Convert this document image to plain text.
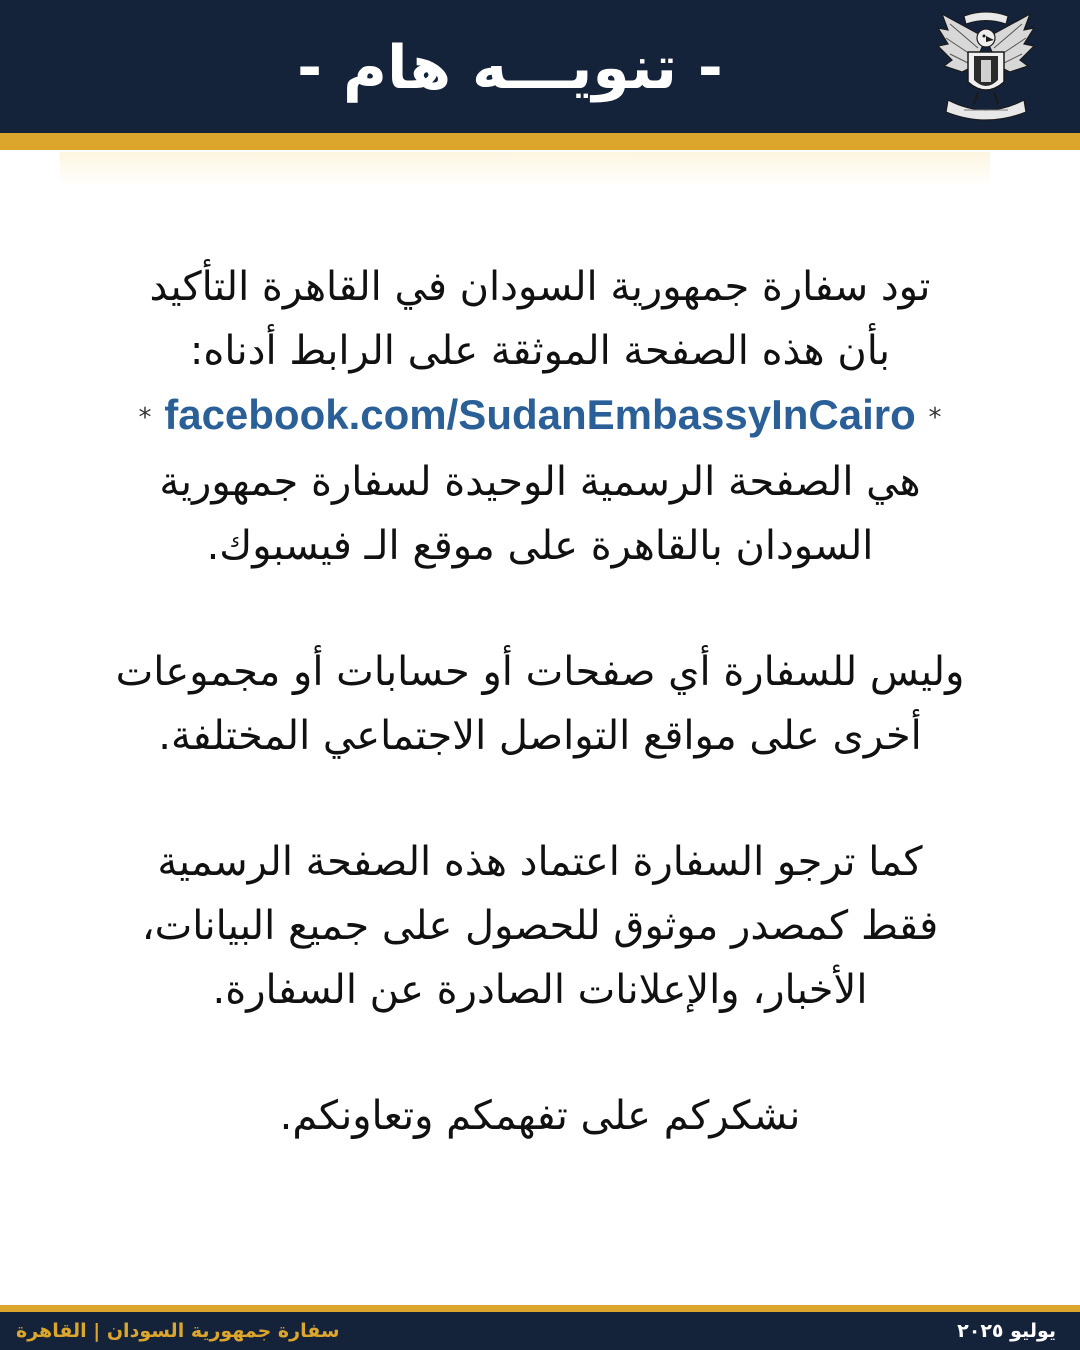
- تنويـــه هام -
تود سفارة جمهورية السودان في القاهرة التأكيد
بأن هذه الصفحة الموثقة على الرابط أدناه:
* facebook.com/SudanEmbassyInCairo *
هي الصفحة الرسمية الوحيدة لسفارة جمهورية
السودان بالقاهرة على موقع الـ فيسبوك.
وليس للسفارة أي صفحات أو حسابات أو مجموعات
أخرى على مواقع التواصل الاجتماعي المختلفة.
كما ترجو السفارة اعتماد هذه الصفحة الرسمية
فقط كمصدر موثوق للحصول على جميع البيانات،
الأخبار، والإعلانات الصادرة عن السفارة.
نشكركم على تفهمكم وتعاونكم.
سفارة جمهورية السودان | القاهرة	يوليو ٢٠٢٥
